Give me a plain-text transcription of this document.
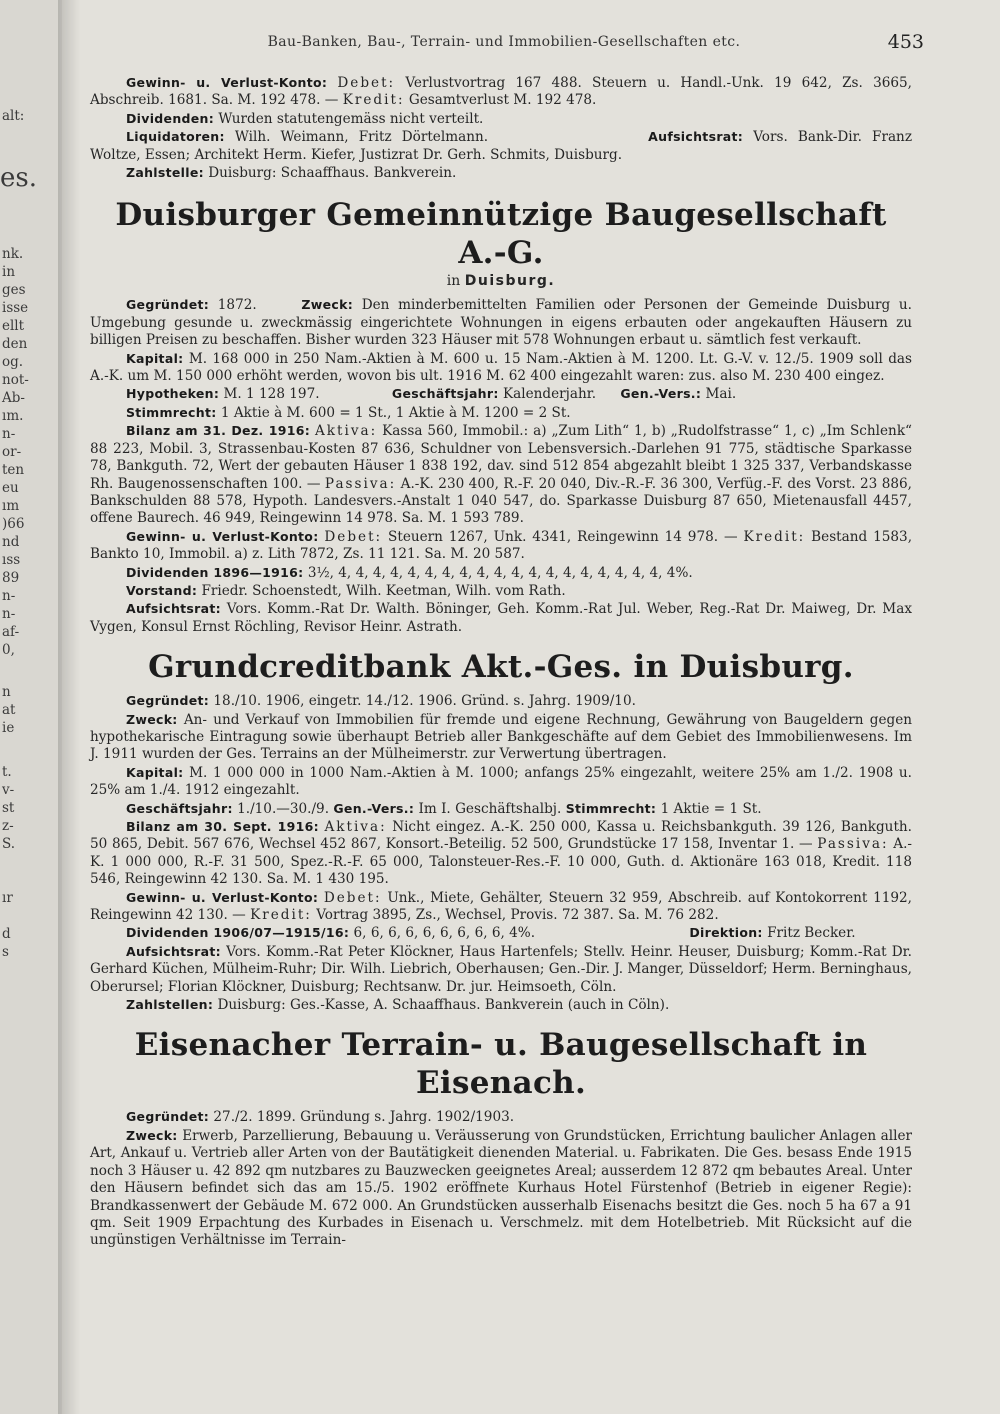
alt:
es.
nk.
in
ges
isse
ellt
den
og.
not-
Ab-
ım.
n-
or-
ten
eu
ım
)66
nd
ıss
89
n-
n-
af-
0,
n
at
ie
t.
v-
st
z-
S.
ır
d
s
Bau-Banken, Bau-, Terrain- und Immobilien-Gesellschaften etc.	453

Gewinn- u. Verlust-Konto: Debet: Verlustvortrag 167 488. Steuern u. Handl.-Unk. 19 642, Zs. 3665, Abschreib. 1681. Sa. M. 192 478. — Kredit: Gesamtverlust M. 192 478.

Dividenden: Wurden statutengemäss nicht verteilt.

Liquidatoren: Wilh. Weimann, Fritz Dörtelmann.	Aufsichtsrat: Vors. Bank-Dir. Franz Woltze, Essen; Architekt Herm. Kiefer, Justizrat Dr. Gerh. Schmits, Duisburg.

Zahlstelle: Duisburg: Schaaffhaus. Bankverein.

Duisburger Gemeinnützige Baugesellschaft A.-G.
in Duisburg.

Gegründet: 1872.	Zweck: Den minderbemittelten Familien oder Personen der Gemeinde Duisburg u. Umgebung gesunde u. zweckmässig eingerichtete Wohnungen in eigens erbauten oder angekauften Häusern zu billigen Preisen zu beschaffen. Bisher wurden 323 Häuser mit 578 Wohnungen erbaut u. sämtlich fest verkauft.

Kapital: M. 168 000 in 250 Nam.-Aktien à M. 600 u. 15 Nam.-Aktien à M. 1200. Lt. G.-V. v. 12./5. 1909 soll das A.-K. um M. 150 000 erhöht werden, wovon bis ult. 1916 M. 62 400 eingezahlt waren: zus. also M. 230 400 eingez.

Hypotheken: M. 1 128 197.	Geschäftsjahr: Kalenderjahr. Gen.-Vers.: Mai.

Stimmrecht: 1 Aktie à M. 600 = 1 St., 1 Aktie à M. 1200 = 2 St.

Bilanz am 31. Dez. 1916: Aktiva: Kassa 560, Immobil.: a) „Zum Lith“ 1, b) „Rudolfstrasse“ 1, c) „Im Schlenk“ 88 223, Mobil. 3, Strassenbau-Kosten 87 636, Schuldner von Lebensversich.-Darlehen 91 775, städtische Sparkasse 78, Bankguth. 72, Wert der gebauten Häuser 1 838 192, dav. sind 512 854 abgezahlt bleibt 1 325 337, Verbandskasse Rh. Baugenossenschaften 100. — Passiva: A.-K. 230 400, R.-F. 20 040, Div.-R.-F. 36 300, Verfüg.-F. des Vorst. 23 886, Bankschulden 88 578, Hypoth. Landesvers.-Anstalt 1 040 547, do. Sparkasse Duisburg 87 650, Mietenausfall 4457, offene Baurech. 46 949, Reingewinn 14 978. Sa. M. 1 593 789.

Gewinn- u. Verlust-Konto: Debet: Steuern 1267, Unk. 4341, Reingewinn 14 978. — Kredit: Bestand 1583, Bankto 10, Immobil. a) z. Lith 7872, Zs. 11 121. Sa. M. 20 587.

Dividenden 1896—1916: 3½, 4, 4, 4, 4, 4, 4, 4, 4, 4, 4, 4, 4, 4, 4, 4, 4, 4, 4, 4, 4%.

Vorstand: Friedr. Schoenstedt, Wilh. Keetman, Wilh. vom Rath.

Aufsichtsrat: Vors. Komm.-Rat Dr. Walth. Böninger, Geh. Komm.-Rat Jul. Weber, Reg.-Rat Dr. Maiweg, Dr. Max Vygen, Konsul Ernst Röchling, Revisor Heinr. Astrath.

Grundcreditbank Akt.-Ges. in Duisburg.

Gegründet: 18./10. 1906, eingetr. 14./12. 1906. Gründ. s. Jahrg. 1909/10.

Zweck: An- und Verkauf von Immobilien für fremde und eigene Rechnung, Gewährung von Baugeldern gegen hypothekarische Eintragung sowie überhaupt Betrieb aller Bankgeschäfte auf dem Gebiet des Immobilienwesens. Im J. 1911 wurden der Ges. Terrains an der Mülheimerstr. zur Verwertung übertragen.

Kapital: M. 1 000 000 in 1000 Nam.-Aktien à M. 1000; anfangs 25% eingezahlt, weitere 25% am 1./2. 1908 u. 25% am 1./4. 1912 eingezahlt.

Geschäftsjahr: 1./10.—30./9. Gen.-Vers.: Im I. Geschäftshalbj. Stimmrecht: 1 Aktie = 1 St.

Bilanz am 30. Sept. 1916: Aktiva: Nicht eingez. A.-K. 250 000, Kassa u. Reichsbankguth. 39 126, Bankguth. 50 865, Debit. 567 676, Wechsel 452 867, Konsort.-Beteilig. 52 500, Grundstücke 17 158, Inventar 1. — Passiva: A.-K. 1 000 000, R.-F. 31 500, Spez.-R.-F. 65 000, Talonsteuer-Res.-F. 10 000, Guth. d. Aktionäre 163 018, Kredit. 118 546, Reingewinn 42 130. Sa. M. 1 430 195.

Gewinn- u. Verlust-Konto: Debet: Unk., Miete, Gehälter, Steuern 32 959, Abschreib. auf Kontokorrent 1192, Reingewinn 42 130. — Kredit: Vortrag 3895, Zs., Wechsel, Provis. 72 387. Sa. M. 76 282.

Dividenden 1906/07—1915/16: 6, 6, 6, 6, 6, 6, 6, 6, 6, 4%.	Direktion: Fritz Becker.

Aufsichtsrat: Vors. Komm.-Rat Peter Klöckner, Haus Hartenfels; Stellv. Heinr. Heuser, Duisburg; Komm.-Rat Dr. Gerhard Küchen, Mülheim-Ruhr; Dir. Wilh. Liebrich, Oberhausen; Gen.-Dir. J. Manger, Düsseldorf; Herm. Berninghaus, Oberursel; Florian Klöckner, Duisburg; Rechtsanw. Dr. jur. Heimsoeth, Cöln.

Zahlstellen: Duisburg: Ges.-Kasse, A. Schaaffhaus. Bankverein (auch in Cöln).

Eisenacher Terrain- u. Baugesellschaft in Eisenach.

Gegründet: 27./2. 1899. Gründung s. Jahrg. 1902/1903.

Zweck: Erwerb, Parzellierung, Bebauung u. Veräusserung von Grundstücken, Errichtung baulicher Anlagen aller Art, Ankauf u. Vertrieb aller Arten von der Bautätigkeit dienenden Material. u. Fabrikaten. Die Ges. besass Ende 1915 noch 3 Häuser u. 42 892 qm nutzbares zu Bauzwecken geeignetes Areal; ausserdem 12 872 qm bebautes Areal. Unter den Häusern befindet sich das am 15./5. 1902 eröffnete Kurhaus Hotel Fürstenhof (Betrieb in eigener Regie): Brandkassenwert der Gebäude M. 672 000. An Grundstücken ausserhalb Eisenachs besitzt die Ges. noch 5 ha 67 a 91 qm. Seit 1909 Erpachtung des Kurbades in Eisenach u. Verschmelz. mit dem Hotelbetrieb. Mit Rücksicht auf die ungünstigen Verhältnisse im Terrain-
